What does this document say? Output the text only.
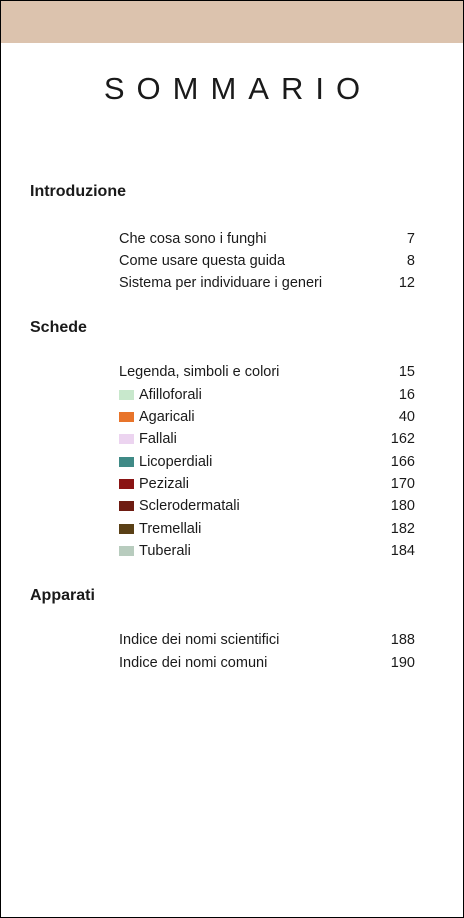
SOMMARIO
Introduzione
Che cosa sono i funghi	7
Come usare questa guida	8
Sistema per individuare i generi	12
Schede
Legenda, simboli e colori	15
Afilloforali	16
Agaricali	40
Fallali	162
Licoperdiali	166
Pezizali	170
Sclerodermatali	180
Tremellali	182
Tuberali	184
Apparati
Indice dei nomi scientifici	188
Indice dei nomi comuni	190
